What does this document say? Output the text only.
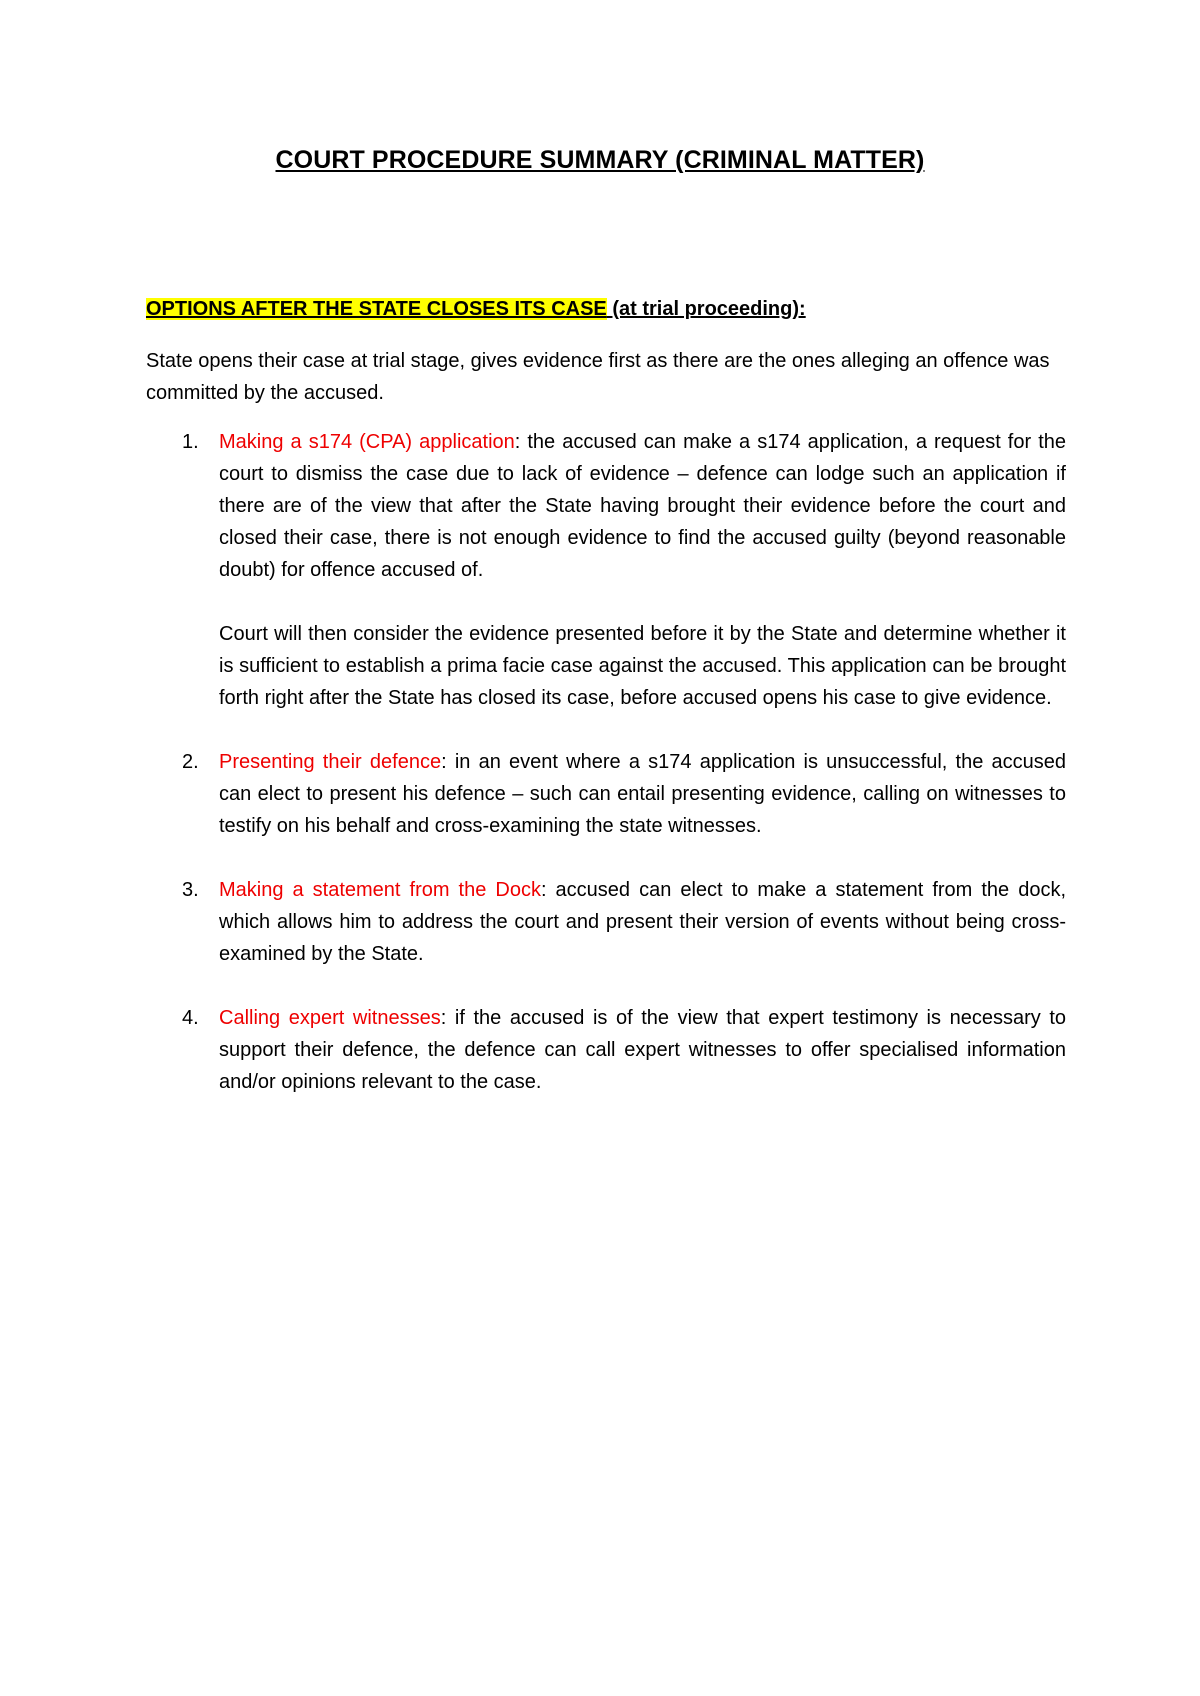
COURT PROCEDURE SUMMARY (CRIMINAL MATTER)
OPTIONS AFTER THE STATE CLOSES ITS CASE (at trial proceeding):

State opens their case at trial stage, gives evidence first as there are the ones alleging an offence was committed by the accused.

1. Making a s174 (CPA) application: the accused can make a s174 application, a request for the court to dismiss the case due to lack of evidence – defence can lodge such an application if there are of the view that after the State having brought their evidence before the court and closed their case, there is not enough evidence to find the accused guilty (beyond reasonable doubt) for offence accused of.

Court will then consider the evidence presented before it by the State and determine whether it is sufficient to establish a prima facie case against the accused. This application can be brought forth right after the State has closed its case, before accused opens his case to give evidence.

2. Presenting their defence: in an event where a s174 application is unsuccessful, the accused can elect to present his defence – such can entail presenting evidence, calling on witnesses to testify on his behalf and cross-examining the state witnesses.

3. Making a statement from the Dock: accused can elect to make a statement from the dock, which allows him to address the court and present their version of events without being cross-examined by the State.

4. Calling expert witnesses: if the accused is of the view that expert testimony is necessary to support their defence, the defence can call expert witnesses to offer specialised information and/or opinions relevant to the case.
